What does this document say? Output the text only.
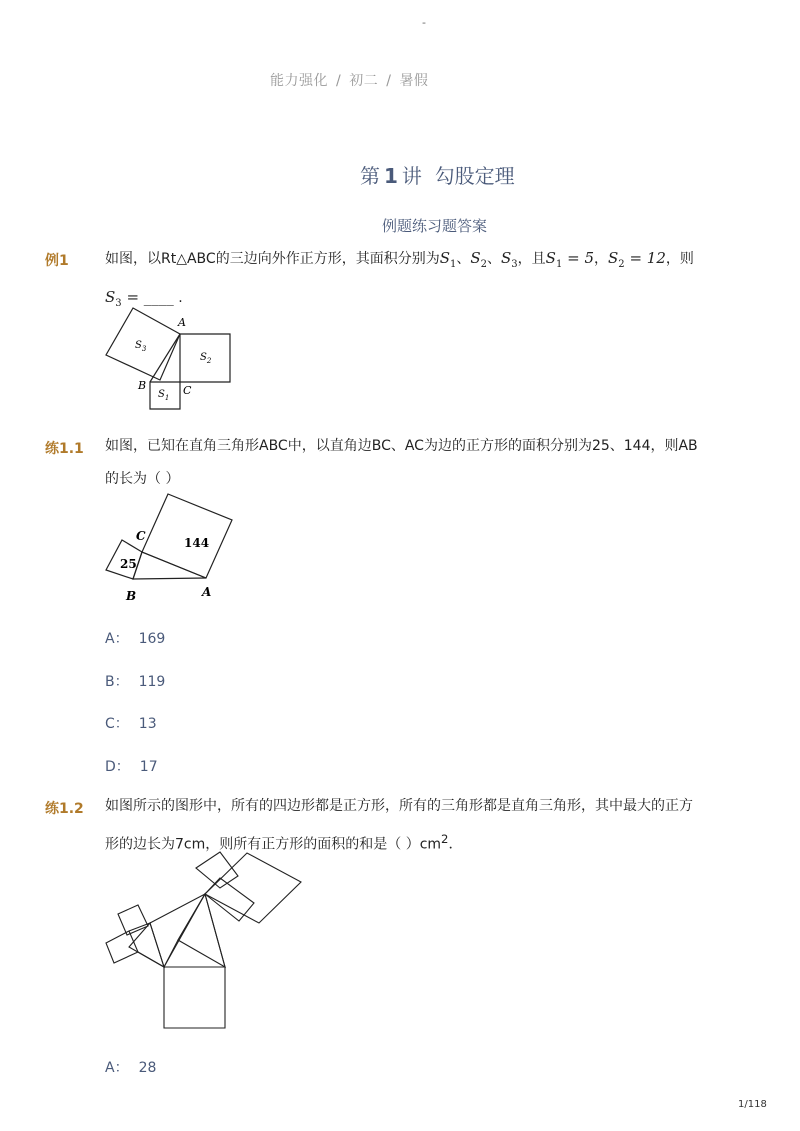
-
能力强化 / 初二 / 暑假
第 1 讲 勾股定理
例题练习题答案
例1	如图，以Rt△ABC的三边向外作正方形，其面积分别为$S_1$、$S_2$、$S_3$，且$S_1 = 5$，$S_2 = 12$，则
$S_3$ = ____ .
$S_3$
$S_2$
$S_1$
A
B	C
练1.1 如图，已知在直角三角形ABC中，以直角边BC、AC为边的正方形的面积分别为25、144，则AB
的长为（ ）
144
25
C
B	A
A： 169
B： 119
C： 13
D： 17
练1.2 如图所示的图形中，所有的四边形都是正方形，所有的三角形都是直角三角形，其中最大的正方
形的边长为7cm，则所有正方形的面积的和是（ ）$cm^2$．
A： 28
1/118
